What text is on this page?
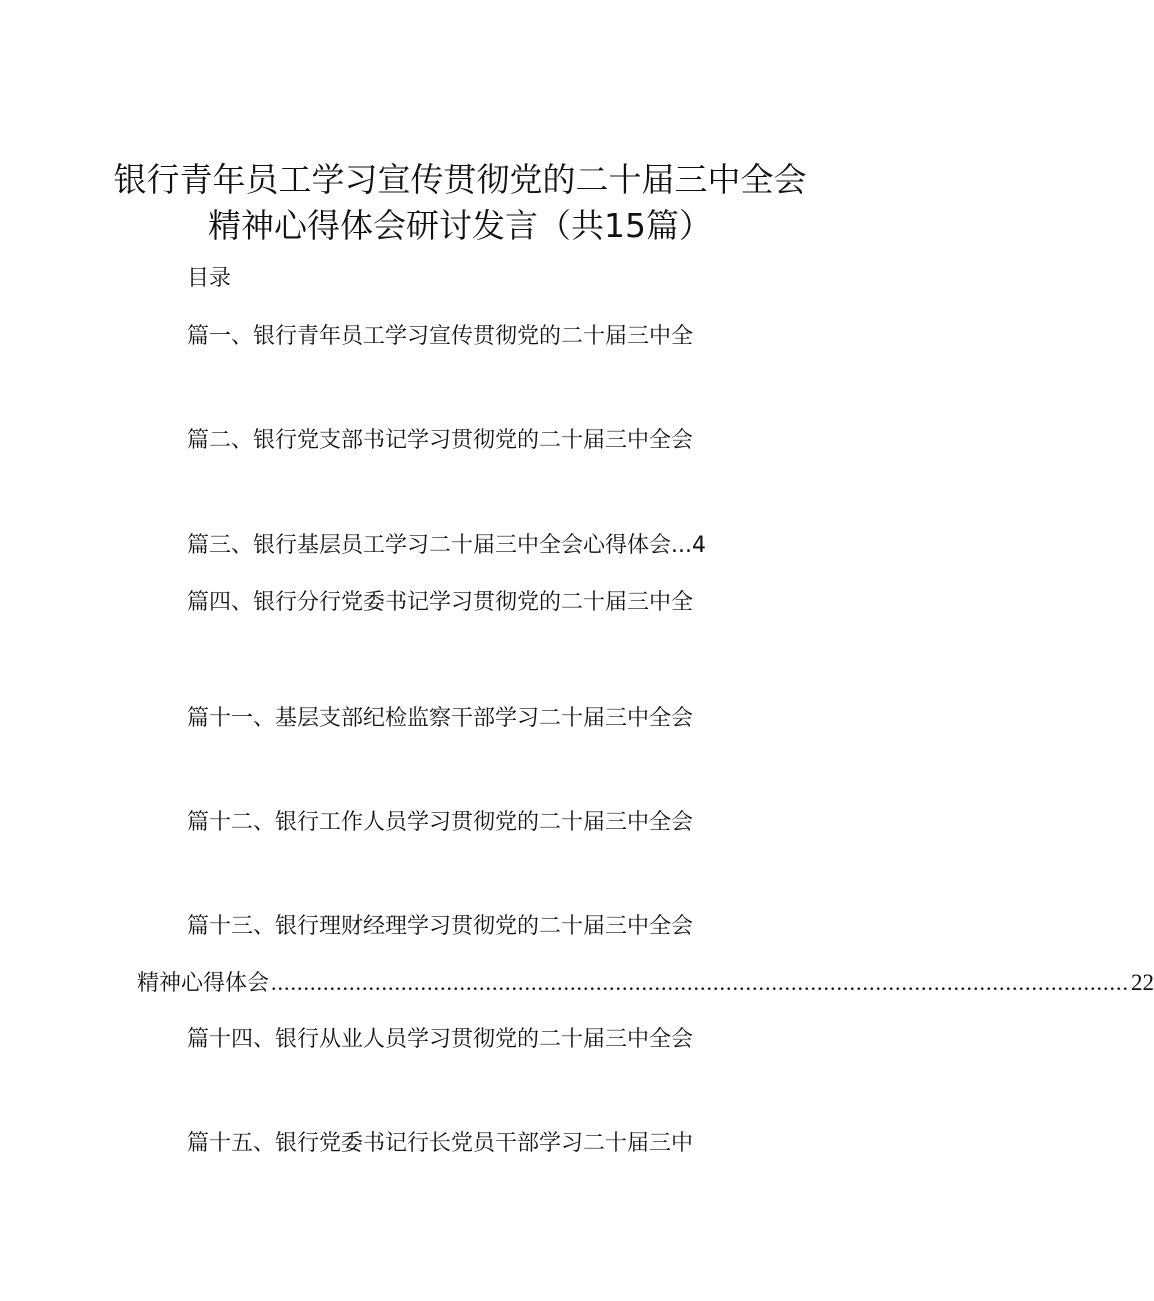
银行青年员工学习宣传贯彻党的二十届三中全会精神心得体会研讨发言（共15篇）
目录
篇一、银行青年员工学习宣传贯彻党的二十届三中全
篇二、银行党支部书记学习贯彻党的二十届三中全会
篇三、银行基层员工学习二十届三中全会心得体会...4
篇四、银行分行党委书记学习贯彻党的二十届三中全
篇十一、基层支部纪检监察干部学习二十届三中全会
篇十二、银行工作人员学习贯彻党的二十届三中全会
篇十三、银行理财经理学习贯彻党的二十届三中全会
精神心得体会 .................................................................................................................................... 22
篇十四、银行从业人员学习贯彻党的二十届三中全会
篇十五、银行党委书记行长党员干部学习二十届三中
